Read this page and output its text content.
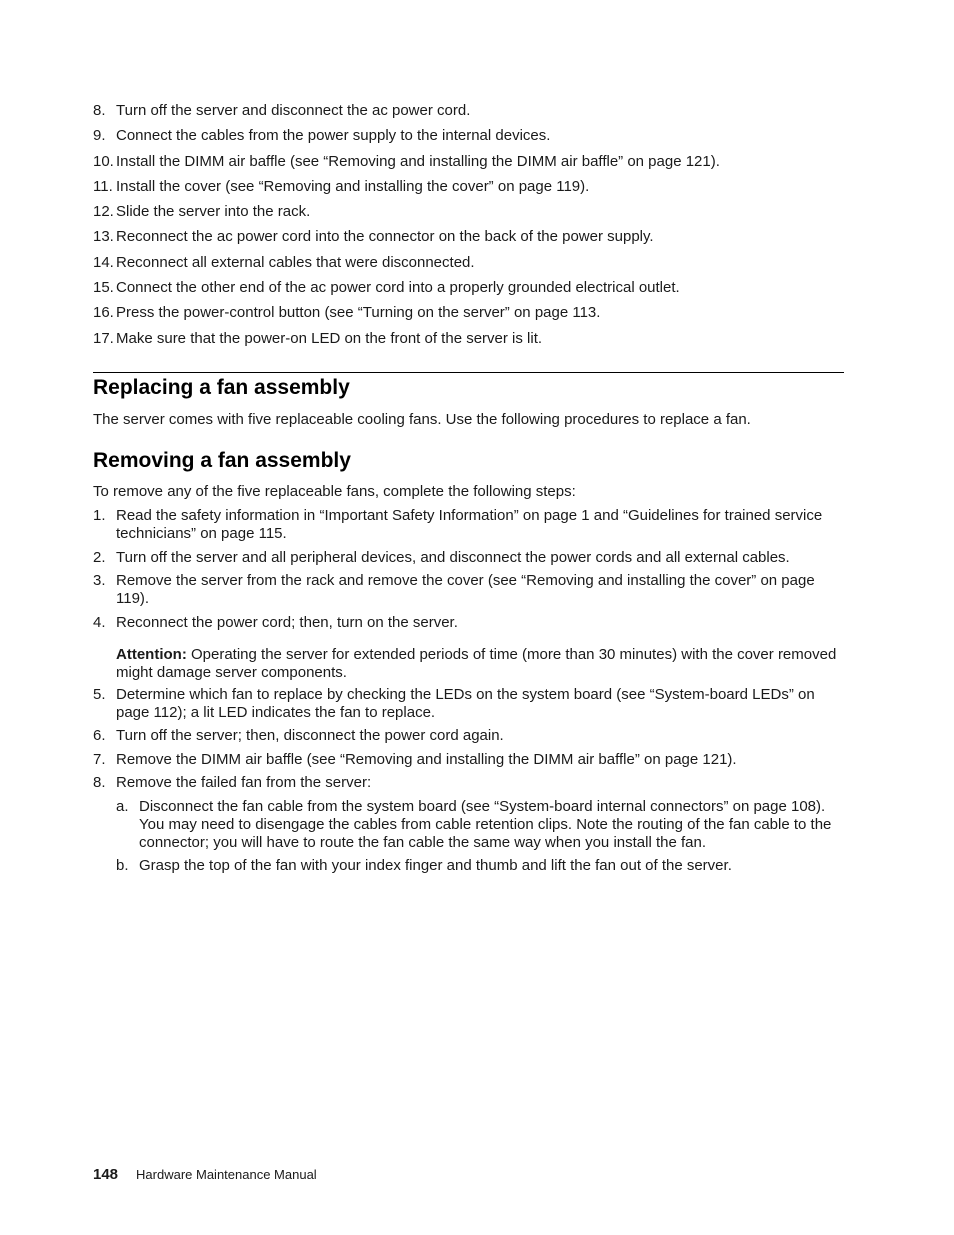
8. Turn off the server and disconnect the ac power cord.
9. Connect the cables from the power supply to the internal devices.
10. Install the DIMM air baffle (see “Removing and installing the DIMM air baffle” on page 121).
11. Install the cover (see “Removing and installing the cover” on page 119).
12. Slide the server into the rack.
13. Reconnect the ac power cord into the connector on the back of the power supply.
14. Reconnect all external cables that were disconnected.
15. Connect the other end of the ac power cord into a properly grounded electrical outlet.
16. Press the power-control button (see “Turning on the server” on page 113.
17. Make sure that the power-on LED on the front of the server is lit.
Replacing a fan assembly
The server comes with five replaceable cooling fans. Use the following procedures to replace a fan.
Removing a fan assembly
To remove any of the five replaceable fans, complete the following steps:
1. Read the safety information in “Important Safety Information” on page 1 and “Guidelines for trained service technicians” on page 115.
2. Turn off the server and all peripheral devices, and disconnect the power cords and all external cables.
3. Remove the server from the rack and remove the cover (see “Removing and installing the cover” on page 119).
4. Reconnect the power cord; then, turn on the server.
Attention: Operating the server for extended periods of time (more than 30 minutes) with the cover removed might damage server components.
5. Determine which fan to replace by checking the LEDs on the system board (see “System-board LEDs” on page 112); a lit LED indicates the fan to replace.
6. Turn off the server; then, disconnect the power cord again.
7. Remove the DIMM air baffle (see “Removing and installing the DIMM air baffle” on page 121).
8. Remove the failed fan from the server:
a. Disconnect the fan cable from the system board (see “System-board internal connectors” on page 108). You may need to disengage the cables from cable retention clips. Note the routing of the fan cable to the connector; you will have to route the fan cable the same way when you install the fan.
b. Grasp the top of the fan with your index finger and thumb and lift the fan out of the server.
148 Hardware Maintenance Manual
